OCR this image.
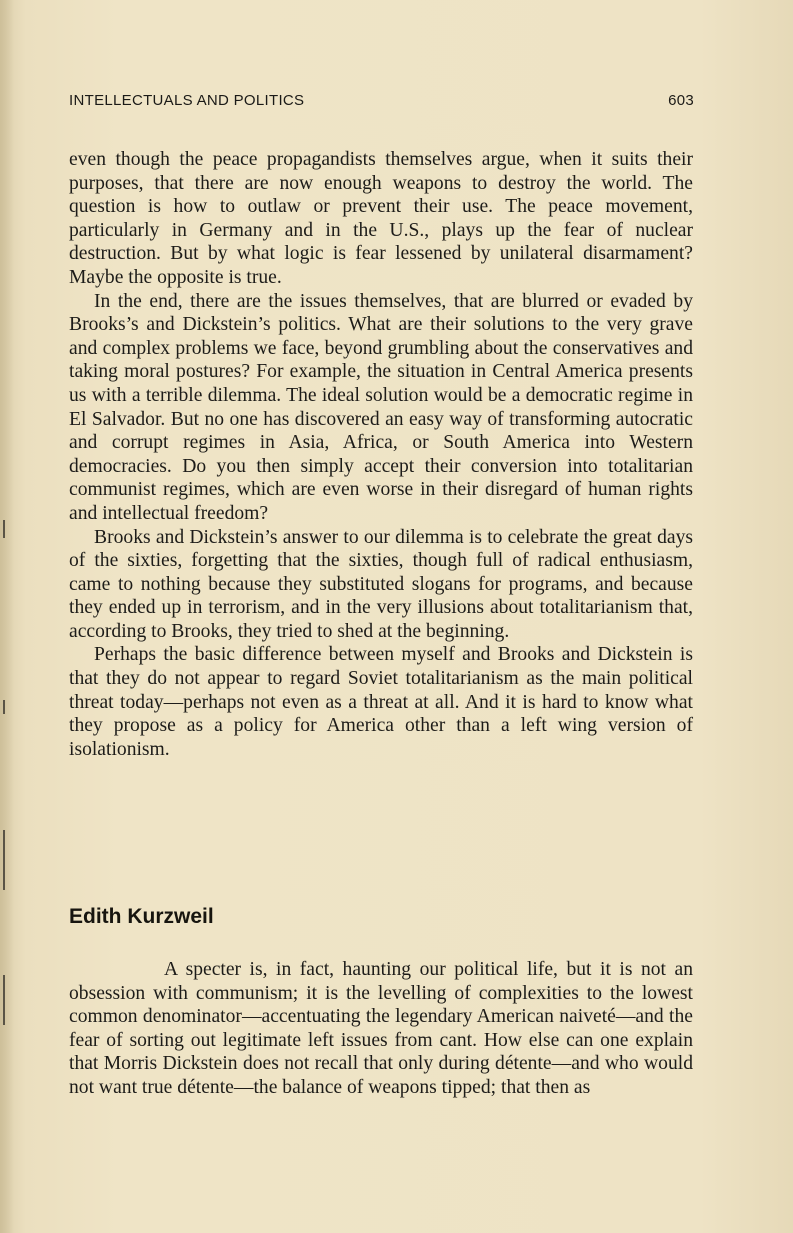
INTELLECTUALS AND POLITICS	603

even though the peace propagandists themselves argue, when it suits their purposes, that there are now enough weapons to destroy the world. The question is how to outlaw or prevent their use. The peace movement, particularly in Germany and in the U.S., plays up the fear of nuclear destruction. But by what logic is fear lessened by unilateral disarmament? Maybe the opposite is true.

In the end, there are the issues themselves, that are blurred or evaded by Brooks’s and Dickstein’s politics. What are their solutions to the very grave and complex problems we face, beyond grumbling about the conservatives and taking moral postures? For example, the situation in Central America presents us with a terrible dilemma. The ideal solution would be a democratic regime in El Salvador. But no one has discovered an easy way of transforming autocratic and corrupt regimes in Asia, Africa, or South America into Western democracies. Do you then simply accept their conversion into totalitarian communist regimes, which are even worse in their disregard of human rights and intellectual freedom?

Brooks and Dickstein’s answer to our dilemma is to celebrate the great days of the sixties, forgetting that the sixties, though full of radical enthusiasm, came to nothing because they substituted slogans for programs, and because they ended up in terrorism, and in the very illusions about totalitarianism that, according to Brooks, they tried to shed at the beginning.

Perhaps the basic difference between myself and Brooks and Dickstein is that they do not appear to regard Soviet totalitarianism as the main political threat today—perhaps not even as a threat at all. And it is hard to know what they propose as a policy for America other than a left wing version of isolationism.

Edith Kurzweil

A specter is, in fact, haunting our political life, but it is not an obsession with communism; it is the levelling of complexities to the lowest common denominator—accentuating the legendary American naiveté—and the fear of sorting out legitimate left issues from cant. How else can one explain that Morris Dickstein does not recall that only during détente—and who would not want true détente—the balance of weapons tipped; that then as
